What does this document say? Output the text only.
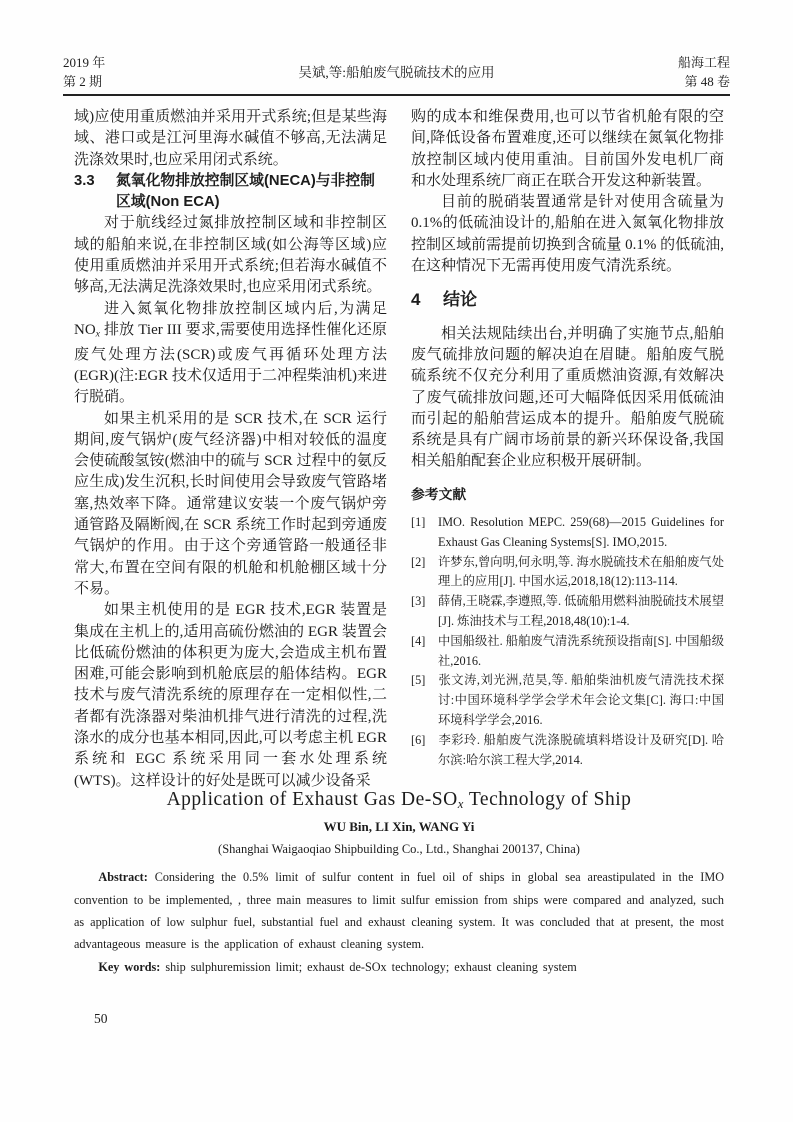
2019 年
第 2 期
吴斌,等:船舶废气脱硫技术的应用
船海工程
第 48 卷
域)应使用重质燃油并采用开式系统;但是某些海域、港口或是江河里海水碱值不够高,无法满足洗涤效果时,也应采用闭式系统。
3.3 氮氧化物排放控制区域(NECA)与非控制区域(Non ECA)
对于航线经过氮排放控制区域和非控制区域的船舶来说,在非控制区域(如公海等区域)应使用重质燃油并采用开式系统;但若海水碱值不够高,无法满足洗涤效果时,也应采用闭式系统。
进入氮氧化物排放控制区域内后,为满足$NO_x$ 排放 Tier III 要求,需要使用选择性催化还原废气处理方法(SCR)或废气再循环处理方法(EGR)(注:EGR 技术仅适用于二冲程柴油机)来进行脱硝。
如果主机采用的是 SCR 技术,在 SCR 运行期间,废气锅炉(废气经济器)中相对较低的温度会使硫酸氢铵(燃油中的硫与 SCR 过程中的氨反应生成)发生沉积,长时间使用会导致废气管路堵塞,热效率下降。通常建议安装一个废气锅炉旁通管路及隔断阀,在 SCR 系统工作时起到旁通废气锅炉的作用。由于这个旁通管路一般通径非常大,布置在空间有限的机舱和机舱棚区域十分不易。
如果主机使用的是 EGR 技术,EGR 装置是集成在主机上的,适用高硫份燃油的 EGR 装置会比低硫份燃油的体积更为庞大,会造成主机布置困难,可能会影响到机舱底层的船体结构。EGR 技术与废气清洗系统的原理存在一定相似性,二者都有洗涤器对柴油机排气进行清洗的过程,洗涤水的成分也基本相同,因此,可以考虑主机 EGR 系统和 EGC 系统采用同一套水处理系统(WTS)。这样设计的好处是既可以减少设备采
购的成本和维保费用,也可以节省机舱有限的空间,降低设备布置难度,还可以继续在氮氧化物排放控制区域内使用重油。目前国外发电机厂商和水处理系统厂商正在联合开发这种新装置。
目前的脱硝装置通常是针对使用含硫量为0.1%的低硫油设计的,船舶在进入氮氧化物排放控制区域前需提前切换到含硫量 0.1% 的低硫油,在这种情况下无需再使用废气清洗系统。
4 结论
相关法规陆续出台,并明确了实施节点,船舶废气硫排放问题的解决迫在眉睫。船舶废气脱硫系统不仅充分利用了重质燃油资源,有效解决了废气硫排放问题,还可大幅降低因采用低硫油而引起的船舶营运成本的提升。船舶废气脱硫系统是具有广阔市场前景的新兴环保设备,我国相关船舶配套企业应积极开展研制。
参考文献
[1] IMO. Resolution MEPC. 259(68)—2015 Guidelines for Exhaust Gas Cleaning Systems[S]. IMO,2015.
[2] 许梦东,曾向明,何永明,等. 海水脱硫技术在船舶废气处理上的应用[J]. 中国水运,2018,18(12):113-114.
[3] 薛倩,王晓霖,李遵照,等. 低硫船用燃料油脱硫技术展望[J]. 炼油技术与工程,2018,48(10):1-4.
[4] 中国船级社. 船舶废气清洗系统预设指南[S]. 中国船级社,2016.
[5] 张文涛,刘光洲,范昊,等. 船舶柴油机废气清洗技术探讨:中国环境科学学会学术年会论文集[C]. 海口:中国环境科学学会,2016.
[6] 李彩玲. 船舶废气洗涤脱硫填料塔设计及研究[D]. 哈尔滨:哈尔滨工程大学,2014.
Application of Exhaust Gas $De-SO_x$ Technology of Ship
WU Bin, LI Xin, WANG Yi
(Shanghai Waigaoqiao Shipbuilding Co., Ltd., Shanghai 200137, China)
Abstract: Considering the 0.5% limit of sulfur content in fuel oil of ships in global sea areastipulated in the IMO convention to be implemented, , three main measures to limit sulfur emission from ships were compared and analyzed, such as application of low sulphur fuel, substantial fuel and exhaust cleaning system. It was concluded that at present, the most advantageous measure is the application of exhaust cleaning system.
Key words: ship sulphuremission limit; exhaust de-SOx technology; exhaust cleaning system
50
